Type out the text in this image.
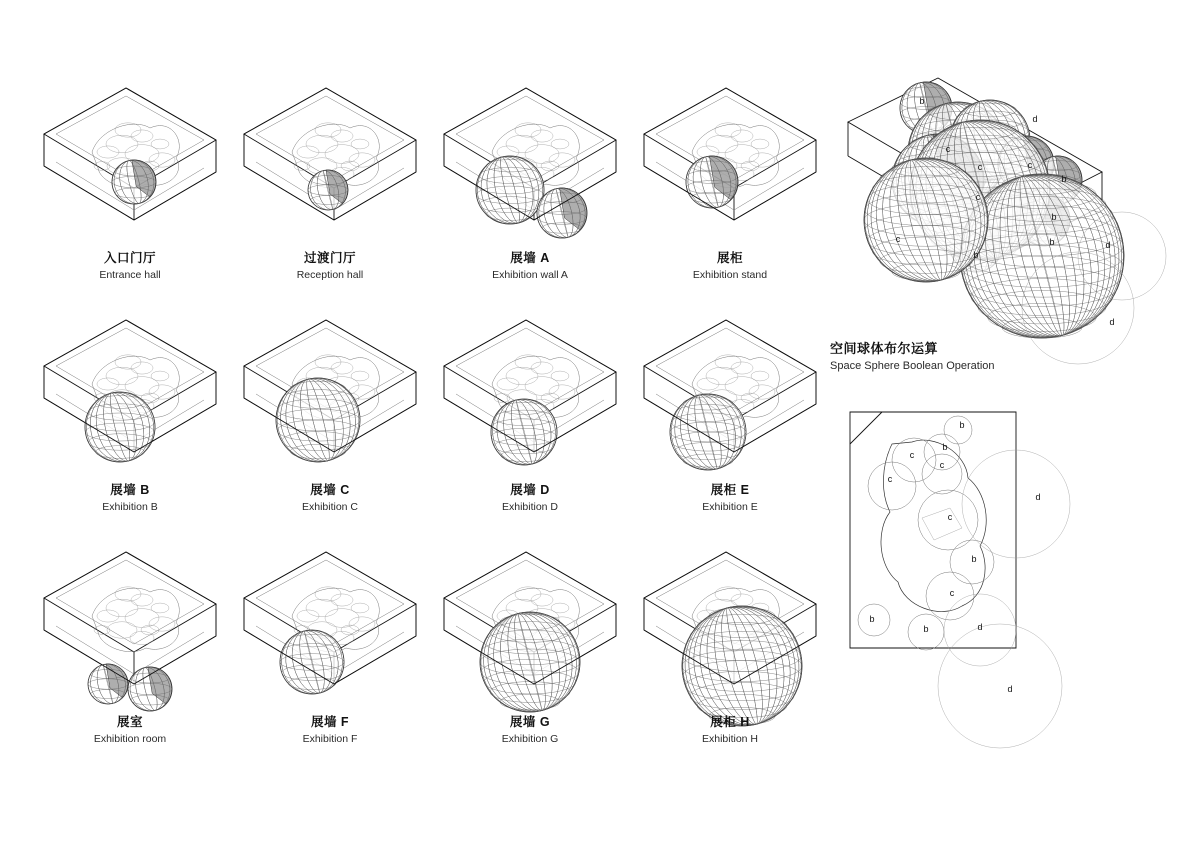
入口门厅
Entrance hall
过渡门厅
Reception hall
展墙 A
Exhibition wall A
展柜
Exhibition stand
展墙 B
Exhibition B
展墙 C
Exhibition C
展墙 D
Exhibition D
展柜 E
Exhibition E
展室
Exhibition room
展墙 F
Exhibition F
展墙 G
Exhibition G
展柜 H
Exhibition H
b
d
c
c	c
c
b
b
b
b
c
d
d
空间球体布尔运算
Space Sphere Boolean Operation
b
b
c
c
c
c
b
c
b
b	d
d
d
